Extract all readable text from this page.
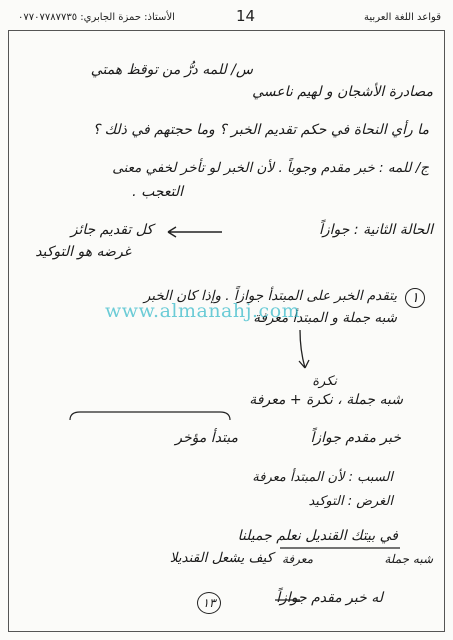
قواعد اللغة العربية
14
الأستاذ: حمزة الجابري: ٠٧٧٠٧٧٨٧٧٣٥
س/ للمه درُّ من توقظ همتي
مصادرة الأشجان و لهيم ناعسي
ما رأي النحاة في حكم تقديم الخبر ؟ وما حجتهم في ذلك ؟
ج/ للمه : خبر مقدم وجوباً . لأن الخبر لو تأخر لخفي معنى
التعجب .
الحالة الثانية : جوازاً
كل تقديم جائز
غرضه هو التوكيد
١
يتقدم الخبر على المبتدأ جوازاً . وإذا كان الخبر
شبه جملة و المبتدأ معرفة
نكرة
شبه جملة ، نكرة + معرفة
خبر مقدم جوازاً
مبتدأ مؤخر
السبب : لأن المبتدأ معرفة
الغرض : التوكيد
في بيتك القنديل نعلم جميلنا
شبه جملة
معرفة
كيف يشعل القنديلا
له خبر مقدم جوازاً
١٣
www.almanahj.com
